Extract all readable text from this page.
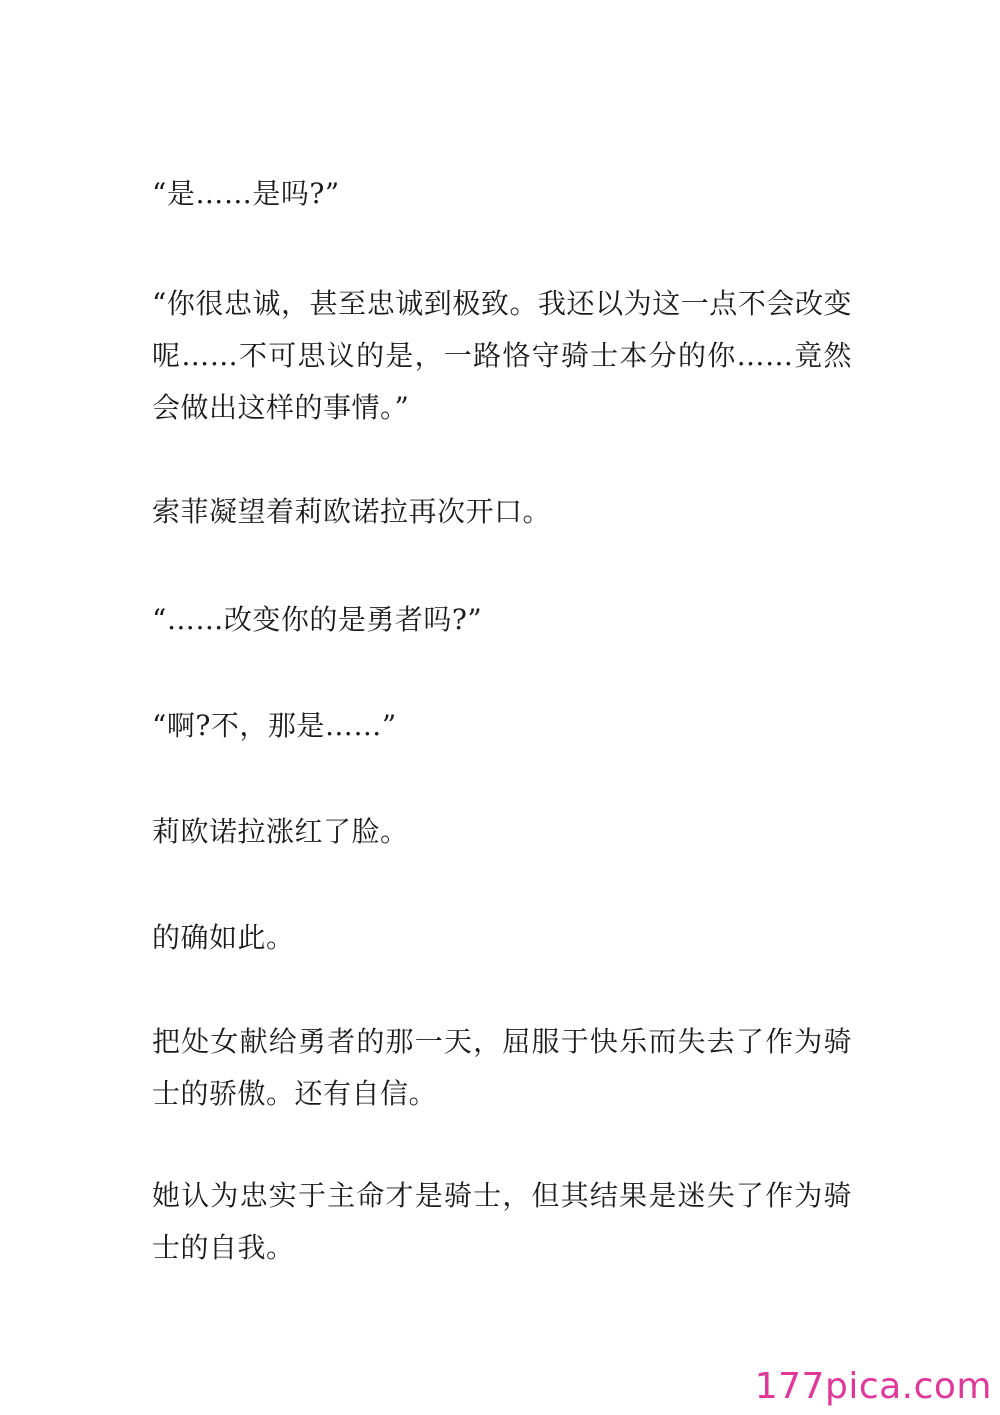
“是……是吗?”

“你很忠诚，甚至忠诚到极致。我还以为这一点不会改变呢……不可思议的是，一路恪守骑士本分的你……竟然会做出这样的事情。”

索菲凝望着莉欧诺拉再次开口。

“……改变你的是勇者吗?”

“啊?不，那是……”

莉欧诺拉涨红了脸。

的确如此。

把处女献给勇者的那一天，屈服于快乐而失去了作为骑士的骄傲。还有自信。

她认为忠实于主命才是骑士，但其结果是迷失了作为骑士的自我。

177pica.com
